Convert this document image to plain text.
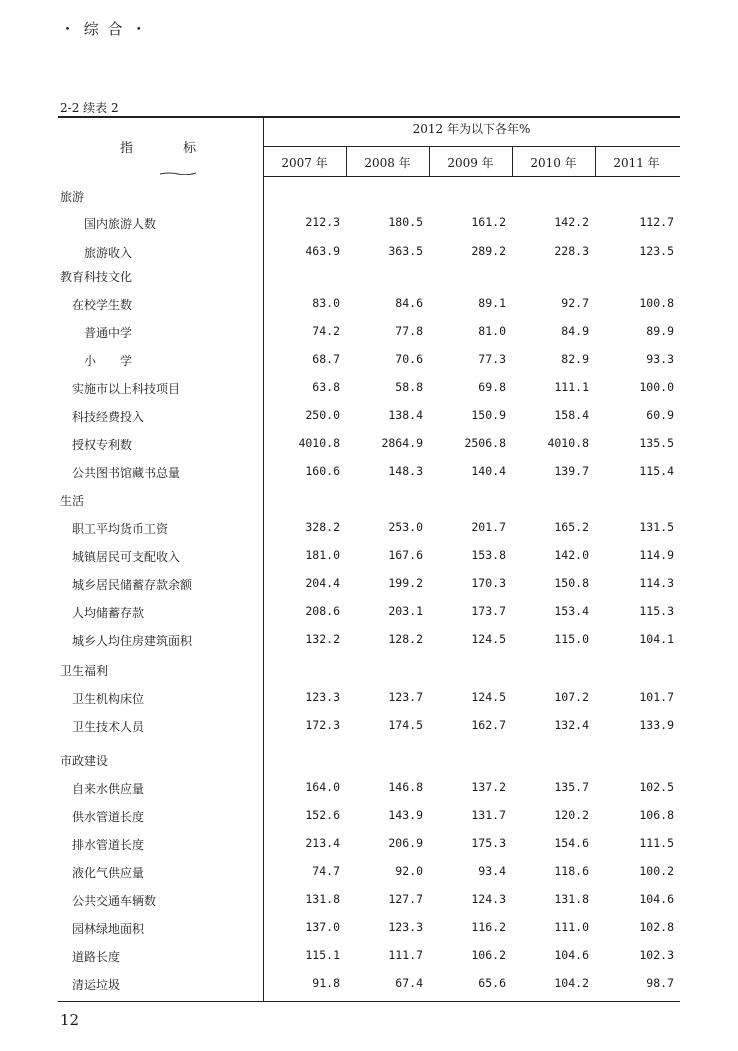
・ 综 合 ・
2-2 续表 2
指	标
2012 年为以下各年%
2007 年	2008 年	2009 年	2010 年	2011 年
旅游
国内旅游人数	212.3	180.5	161.2	142.2	112.7
旅游收入	463.9	363.5	289.2	228.3	123.5
教育科技文化
在校学生数	83.0	84.6	89.1	92.7	100.8
普通中学	74.2	77.8	81.0	84.9	89.9
小　　学	68.7	70.6	77.3	82.9	93.3
实施市以上科技项目	63.8	58.8	69.8	111.1	100.0
科技经费投入	250.0	138.4	150.9	158.4	60.9
授权专利数	4010.8	2864.9	2506.8	4010.8	135.5
公共图书馆藏书总量	160.6	148.3	140.4	139.7	115.4
生活
职工平均货币工资	328.2	253.0	201.7	165.2	131.5
城镇居民可支配收入	181.0	167.6	153.8	142.0	114.9
城乡居民储蓄存款余额	204.4	199.2	170.3	150.8	114.3
人均储蓄存款	208.6	203.1	173.7	153.4	115.3
城乡人均住房建筑面积	132.2	128.2	124.5	115.0	104.1
卫生福利
卫生机构床位	123.3	123.7	124.5	107.2	101.7
卫生技术人员	172.3	174.5	162.7	132.4	133.9
市政建设
自来水供应量	164.0	146.8	137.2	135.7	102.5
供水管道长度	152.6	143.9	131.7	120.2	106.8
排水管道长度	213.4	206.9	175.3	154.6	111.5
液化气供应量	74.7	92.0	93.4	118.6	100.2
公共交通车辆数	131.8	127.7	124.3	131.8	104.6
园林绿地面积	137.0	123.3	116.2	111.0	102.8
道路长度	115.1	111.7	106.2	104.6	102.3
清运垃圾	91.8	67.4	65.6	104.2	98.7
12
